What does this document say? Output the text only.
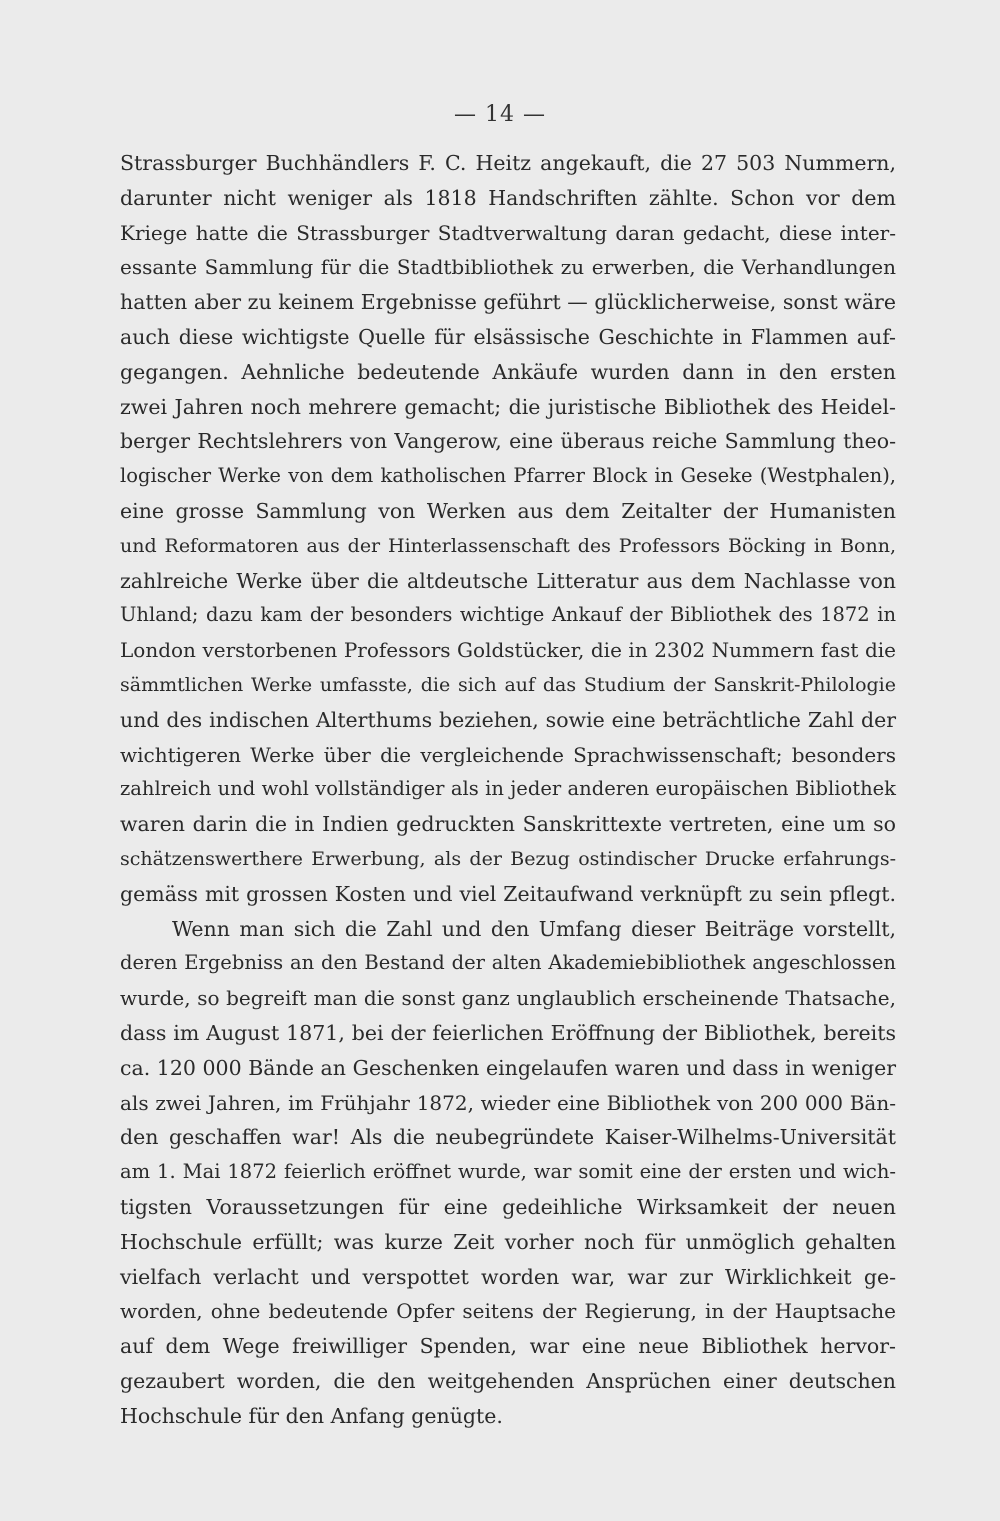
— 14 —
Strassburger Buchhändlers F. C. Heitz angekauft, die 27 503 Nummern,
darunter nicht weniger als 1818 Handschriften zählte. Schon vor dem
Kriege hatte die Strassburger Stadtverwaltung daran gedacht, diese inter-
essante Sammlung für die Stadtbibliothek zu erwerben, die Verhandlungen
hatten aber zu keinem Ergebnisse geführt — glücklicherweise, sonst wäre
auch diese wichtigste Quelle für elsässische Geschichte in Flammen auf-
gegangen. Aehnliche bedeutende Ankäufe wurden dann in den ersten
zwei Jahren noch mehrere gemacht; die juristische Bibliothek des Heidel-
berger Rechtslehrers von Vangerow, eine überaus reiche Sammlung theo-
logischer Werke von dem katholischen Pfarrer Block in Geseke (Westphalen),
eine grosse Sammlung von Werken aus dem Zeitalter der Humanisten
und Reformatoren aus der Hinterlassenschaft des Professors Böcking in Bonn,
zahlreiche Werke über die altdeutsche Litteratur aus dem Nachlasse von
Uhland; dazu kam der besonders wichtige Ankauf der Bibliothek des 1872 in
London verstorbenen Professors Goldstücker, die in 2302 Nummern fast die
sämmtlichen Werke umfasste, die sich auf das Studium der Sanskrit-Philologie
und des indischen Alterthums beziehen, sowie eine beträchtliche Zahl der
wichtigeren Werke über die vergleichende Sprachwissenschaft; besonders
zahlreich und wohl vollständiger als in jeder anderen europäischen Bibliothek
waren darin die in Indien gedruckten Sanskrittexte vertreten, eine um so
schätzenswerthere Erwerbung, als der Bezug ostindischer Drucke erfahrungs-
gemäss mit grossen Kosten und viel Zeitaufwand verknüpft zu sein pflegt.
Wenn man sich die Zahl und den Umfang dieser Beiträge vorstellt,
deren Ergebniss an den Bestand der alten Akademiebibliothek angeschlossen
wurde, so begreift man die sonst ganz unglaublich erscheinende Thatsache,
dass im August 1871, bei der feierlichen Eröffnung der Bibliothek, bereits
ca. 120 000 Bände an Geschenken eingelaufen waren und dass in weniger
als zwei Jahren, im Frühjahr 1872, wieder eine Bibliothek von 200 000 Bän-
den geschaffen war! Als die neubegründete Kaiser-Wilhelms-Universität
am 1. Mai 1872 feierlich eröffnet wurde, war somit eine der ersten und wich-
tigsten Voraussetzungen für eine gedeihliche Wirksamkeit der neuen
Hochschule erfüllt; was kurze Zeit vorher noch für unmöglich gehalten
vielfach verlacht und verspottet worden war, war zur Wirklichkeit ge-
worden, ohne bedeutende Opfer seitens der Regierung, in der Hauptsache
auf dem Wege freiwilliger Spenden, war eine neue Bibliothek hervor-
gezaubert worden, die den weitgehenden Ansprüchen einer deutschen
Hochschule für den Anfang genügte.
